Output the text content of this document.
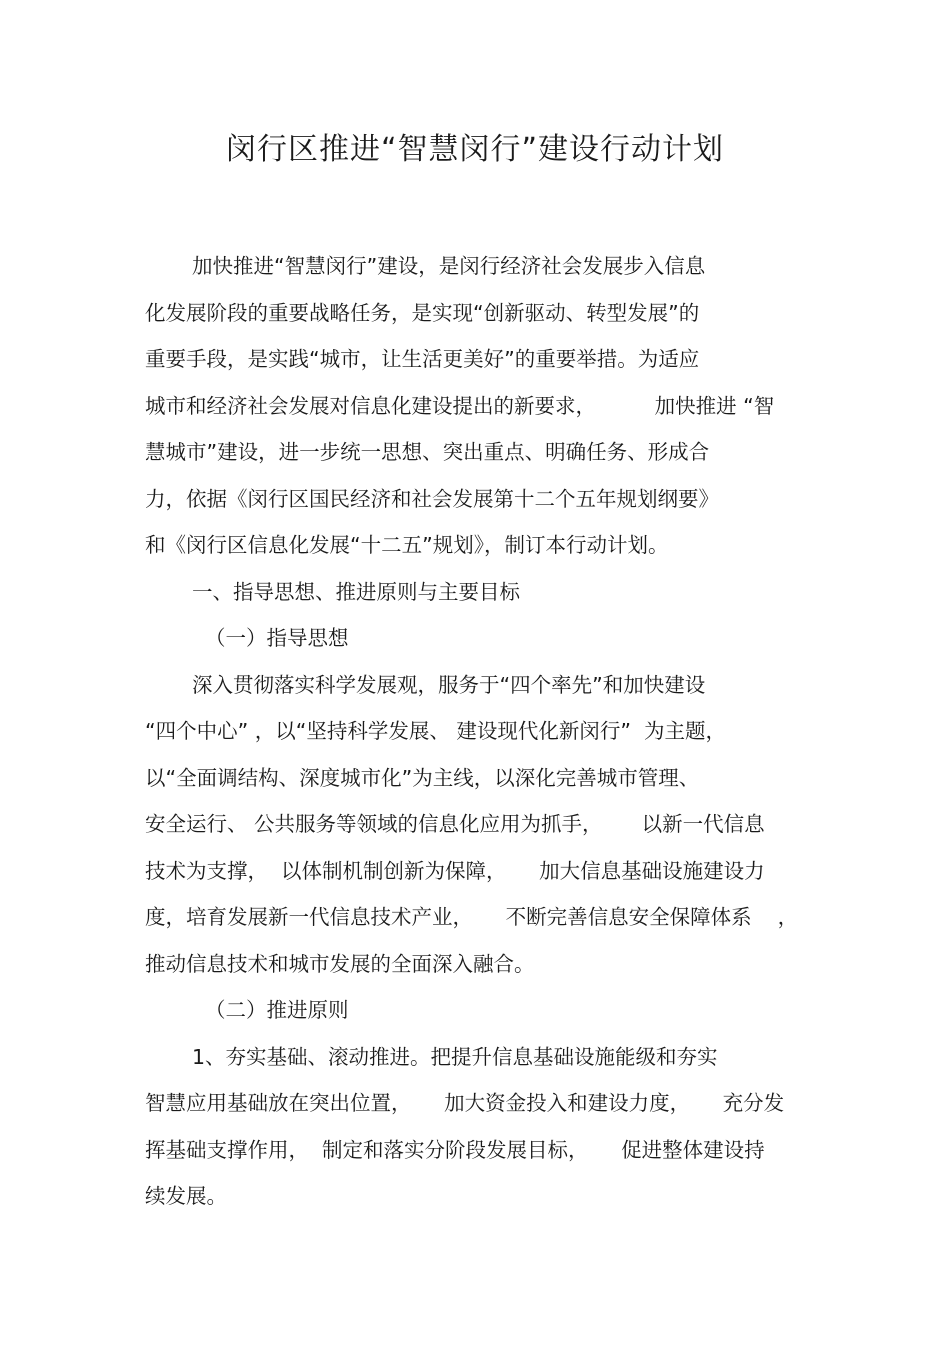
闵行区推进“智慧闵行”建设行动计划
加快推进“智慧闵行”建设，是闵行经济社会发展步入信息
化发展阶段的重要战略任务，是实现“创新驱动、转型发展”的
重要手段，是实践“城市，让生活更美好”的重要举措。为适应
城市和经济社会发展对信息化建设提出的新要求，         加快推进 “智
慧城市”建设，进一步统一思想、突出重点、明确任务、形成合
力，依据《闵行区国民经济和社会发展第十二个五年规划纲要》
和《闵行区信息化发展“十二五”规划》，制订本行动计划。
一、指导思想、推进原则与主要目标
（一）指导思想
深入贯彻落实科学发展观，服务于“四个率先”和加快建设
“四个中心” ，以“坚持科学发展、 建设现代化新闵行”  为主题，
以“全面调结构、深度城市化”为主线，以深化完善城市管理、
安全运行、 公共服务等领域的信息化应用为抓手，      以新一代信息
技术为支撑，  以体制机制创新为保障，     加大信息基础设施建设力
度，培育发展新一代信息技术产业，     不断完善信息安全保障体系    ，
推动信息技术和城市发展的全面深入融合。
（二）推进原则
1、夯实基础、滚动推进。把提升信息基础设施能级和夯实
智慧应用基础放在突出位置，     加大资金投入和建设力度，     充分发
挥基础支撑作用，  制定和落实分阶段发展目标，     促进整体建设持
续发展。
